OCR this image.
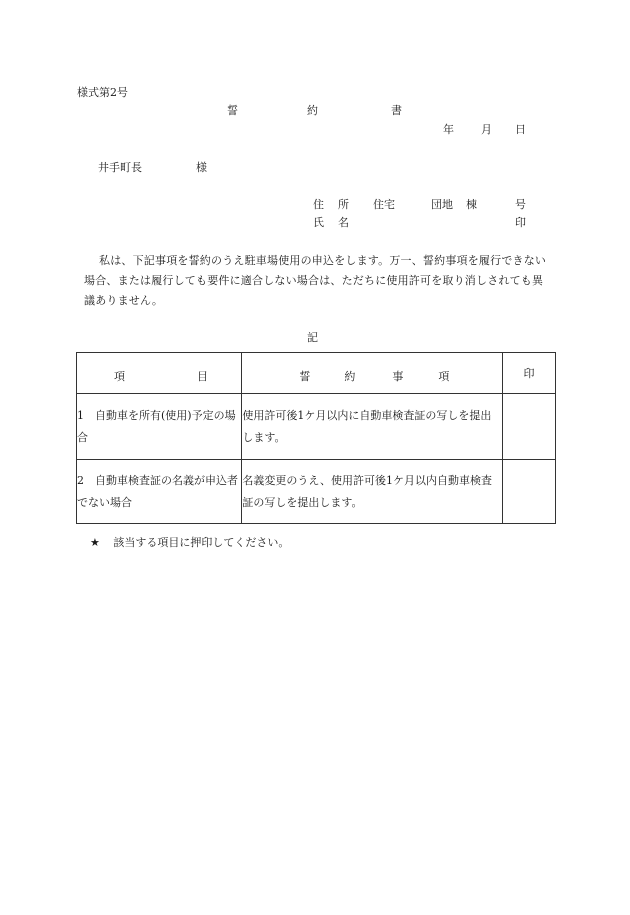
様式第2号
誓	約	書
年 月 日
井手町長	様
住 所 住宅	団地 棟	号
氏 名	印
私は、下記事項を誓約のうえ駐車場使用の申込をします。万一、誓約事項を履行できない場合、または履行しても要件に適合しない場合は、ただちに使用許可を取り消しされても異議ありません。
記
項 目	誓 約 事 項	印
1　自動車を所有(使用)予定の場合	使用許可後1ケ月以内に自動車検査証の写しを提出します。	
2　自動車検査証の名義が申込者でない場合	名義変更のうえ、使用許可後1ケ月以内自動車検査証の写しを提出します。	
★ 該当する項目に押印してください。
